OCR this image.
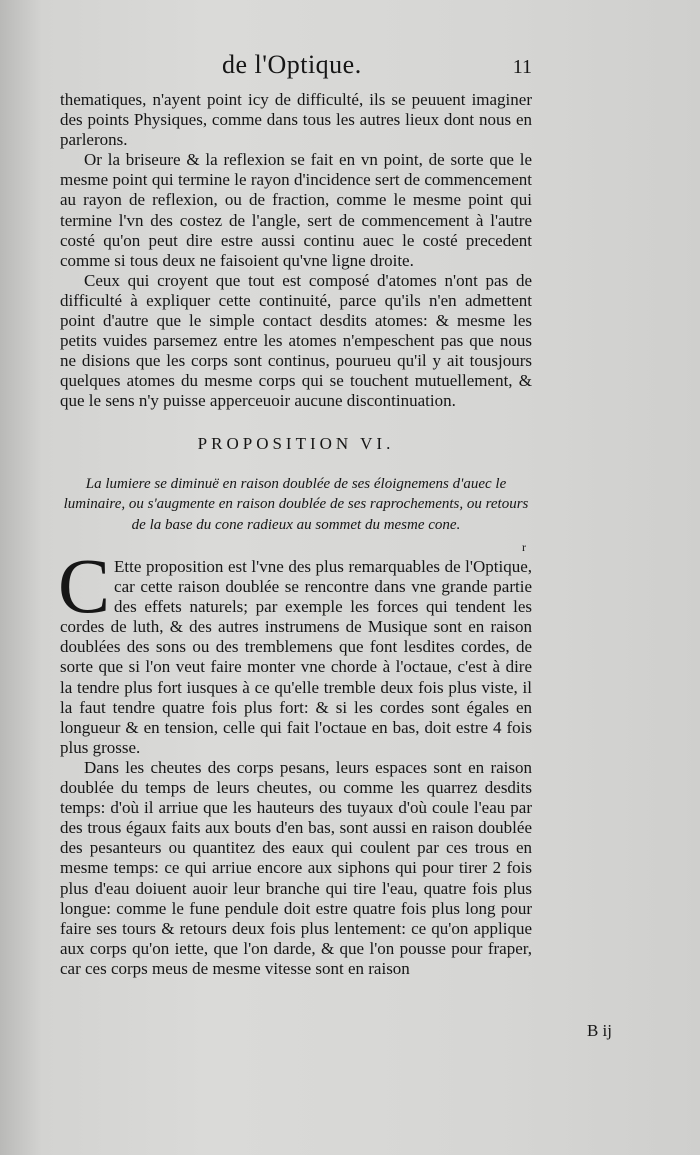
de l'Optique.	11

thematiques, n'ayent point icy de difficulté, ils se peuuent imaginer des points Physiques, comme dans tous les autres lieux dont nous en parlerons.

Or la briseure & la reflexion se fait en vn point, de sorte que le mesme point qui termine le rayon d'incidence sert de commencement au rayon de reflexion, ou de fraction, comme le mesme point qui termine l'vn des costez de l'angle, sert de commencement à l'autre costé qu'on peut dire estre aussi continu auec le costé precedent comme si tous deux ne faisoient qu'vne ligne droite.

Ceux qui croyent que tout est composé d'atomes n'ont pas de difficulté à expliquer cette continuité, parce qu'ils n'en admettent point d'autre que le simple contact desdits atomes: & mesme les petits vuides parsemez entre les atomes n'empeschent pas que nous ne disions que les corps sont continus, pourueu qu'il y ait tousjours quelques atomes du mesme corps qui se touchent mutuellement, & que le sens n'y puisse apperceuoir aucune discontinuation.

PROPOSITION VI.
La lumiere se diminuë en raison doublée de ses éloignemens d'auec le luminaire, ou s'augmente en raison doublée de ses raprochements, ou retours de la base du cone radieux au sommet du mesme cone.

C Ette proposition est l'vne des plus remarquables de l'Optique, car cette raison doublée se rencontre dans vne grande partie des effets naturels; par exemple les forces qui tendent les cordes de luth, & des autres instrumens de Musique sont en raison doublées des sons ou des tremblemens que font lesdites cordes, de sorte que si l'on veut faire monter vne chorde à l'octaue, c'est à dire la tendre plus fort iusques à ce qu'elle tremble deux fois plus viste, il la faut tendre quatre fois plus fort: & si les cordes sont égales en longueur & en tension, celle qui fait l'octaue en bas, doit estre 4 fois plus grosse.

Dans les cheutes des corps pesans, leurs espaces sont en raison doublée du temps de leurs cheutes, ou comme les quarrez desdits temps: d'où il arriue que les hauteurs des tuyaux d'où coule l'eau par des trous égaux faits aux bouts d'en bas, sont aussi en raison doublée des pesanteurs ou quantitez des eaux qui coulent par ces trous en mesme temps: ce qui arriue encore aux siphons qui pour tirer 2 fois plus d'eau doiuent auoir leur branche qui tire l'eau, quatre fois plus longue: comme le fune pendule doit estre quatre fois plus long pour faire ses tours & retours deux fois plus lentement: ce qu'on applique aux corps qu'on iette, que l'on darde, & que l'on pousse pour fraper, car ces corps meus de mesme vitesse sont en raison

r
B ij
